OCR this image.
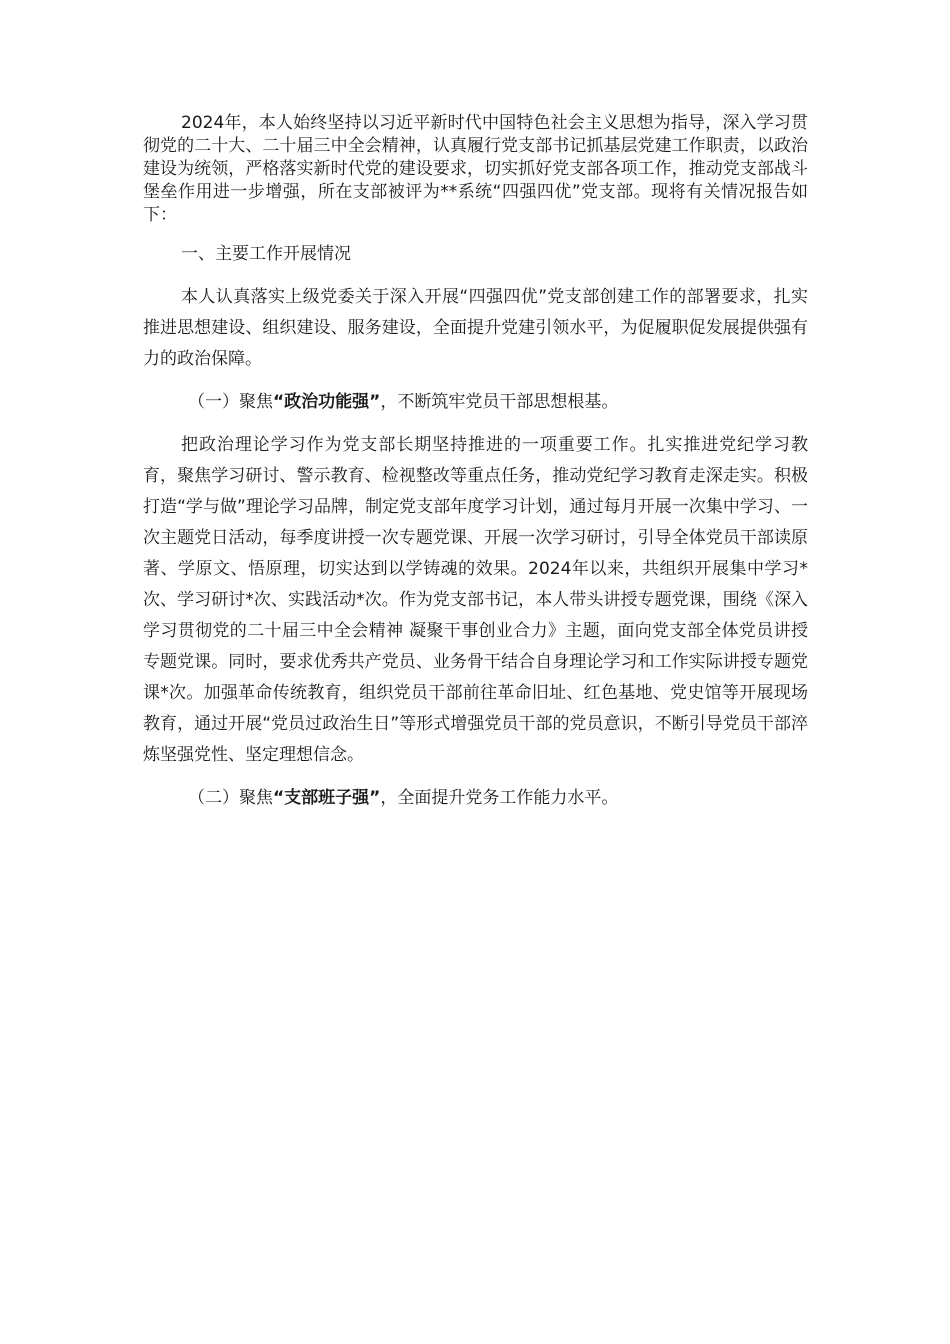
2024年，本人始终坚持以习近平新时代中国特色社会主义思想为指导，深入学习贯彻党的二十大、二十届三中全会精神，认真履行党支部书记抓基层党建工作职责，以政治建设为统领，严格落实新时代党的建设要求，切实抓好党支部各项工作，推动党支部战斗堡垒作用进一步增强，所在支部被评为**系统“四强四优”党支部。现将有关情况报告如下：

一、主要工作开展情况

本人认真落实上级党委关于深入开展“四强四优”党支部创建工作的部署要求，扎实推进思想建设、组织建设、服务建设，全面提升党建引领水平，为促履职促发展提供强有力的政治保障。

（一）聚焦“政治功能强”，不断筑牢党员干部思想根基。

把政治理论学习作为党支部长期坚持推进的一项重要工作。扎实推进党纪学习教育，聚焦学习研讨、警示教育、检视整改等重点任务，推动党纪学习教育走深走实。积极打造“学与做”理论学习品牌，制定党支部年度学习计划，通过每月开展一次集中学习、一次主题党日活动，每季度讲授一次专题党课、开展一次学习研讨，引导全体党员干部读原著、学原文、悟原理，切实达到以学铸魂的效果。2024年以来，共组织开展集中学习*次、学习研讨*次、实践活动*次。作为党支部书记，本人带头讲授专题党课，围绕《深入学习贯彻党的二十届三中全会精神 凝聚干事创业合力》主题，面向党支部全体党员讲授专题党课。同时，要求优秀共产党员、业务骨干结合自身理论学习和工作实际讲授专题党课*次。加强革命传统教育，组织党员干部前往革命旧址、红色基地、党史馆等开展现场教育，通过开展“党员过政治生日”等形式增强党员干部的党员意识，不断引导党员干部淬炼坚强党性、坚定理想信念。

（二）聚焦“支部班子强”，全面提升党务工作能力水平。
